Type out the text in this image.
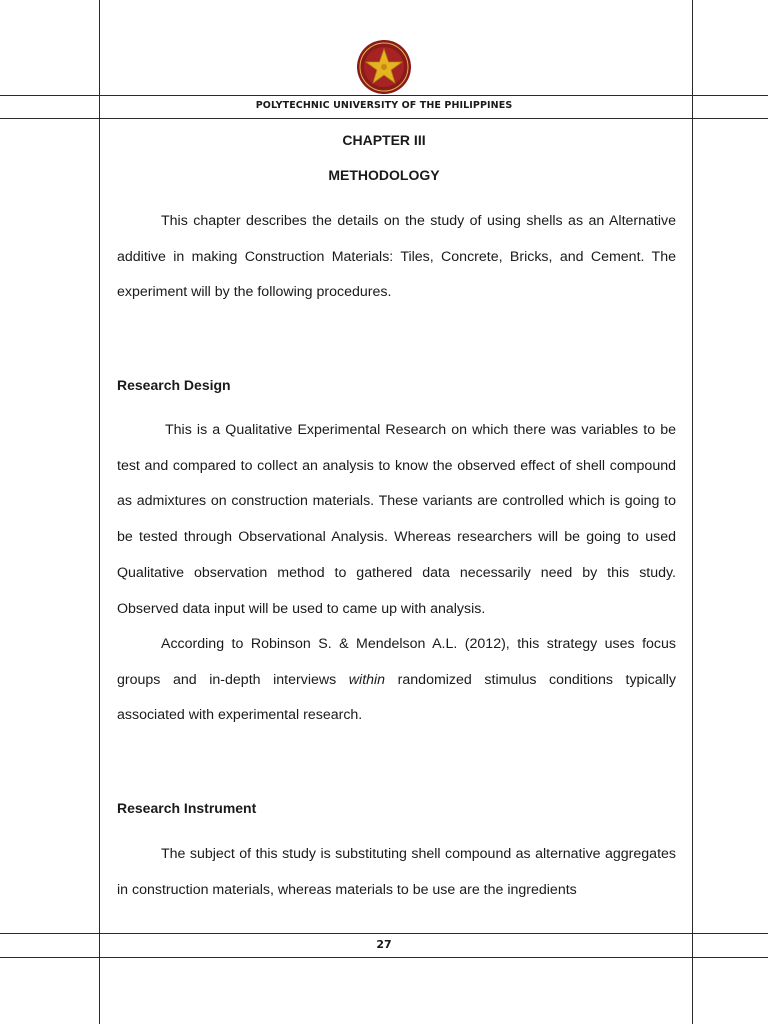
POLYTECHNIC UNIVERSITY OF THE PHILIPPINES
CHAPTER III
METHODOLOGY
This chapter describes the details on the study of using shells as an Alternative additive in making Construction Materials: Tiles, Concrete, Bricks, and Cement. The experiment will by the following procedures.
Research Design
This is a Qualitative Experimental Research on which there was variables to be test and compared to collect an analysis to know the observed effect of shell compound as admixtures on construction materials. These variants are controlled which is going to be tested through Observational Analysis. Whereas researchers will be going to used Qualitative observation method to gathered data necessarily need by this study. Observed data input will be used to came up with analysis.
According to Robinson S. & Mendelson A.L. (2012), this strategy uses focus groups and in-depth interviews within randomized stimulus conditions typically associated with experimental research.
Research Instrument
The subject of this study is substituting shell compound as alternative aggregates in construction materials, whereas materials to be use are the ingredients
27
